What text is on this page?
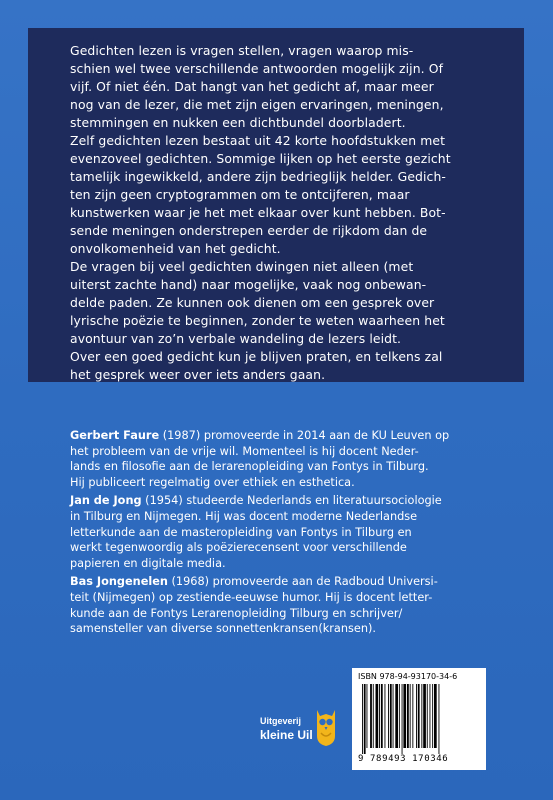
Gedichten lezen is vragen stellen, vragen waarop mis-

schien wel twee verschillende antwoorden mogelijk zijn. Of

vijf. Of niet één. Dat hangt van het gedicht af, maar meer

nog van de lezer, die met zijn eigen ervaringen, meningen,

stemmingen en nukken een dichtbundel doorbladert.

Zelf gedichten lezen bestaat uit 42 korte hoofdstukken met

evenzoveel gedichten. Sommige lijken op het eerste gezicht

tamelijk ingewikkeld, andere zijn bedrieglijk helder. Gedich-

ten zijn geen cryptogrammen om te ontcijferen, maar

kunstwerken waar je het met elkaar over kunt hebben. Bot-

sende meningen onderstrepen eerder de rijkdom dan de

onvolkomenheid van het gedicht.

De vragen bij veel gedichten dwingen niet alleen (met

uiterst zachte hand) naar mogelijke, vaak nog onbewan-

delde paden. Ze kunnen ook dienen om een gesprek over

lyrische poëzie te beginnen, zonder te weten waarheen het

avontuur van zo’n verbale wandeling de lezers leidt.

Over een goed gedicht kun je blijven praten, en telkens zal

het gesprek weer over iets anders gaan.

Gerbert Faure (1987) promoveerde in 2014 aan de KU Leuven op
het probleem van de vrije wil. Momenteel is hij docent Neder-
lands en filosofie aan de lerarenopleiding van Fontys in Tilburg.
Hij publiceert regelmatig over ethiek en esthetica.

Jan de Jong (1954) studeerde Nederlands en literatuursociologie
in Tilburg en Nijmegen. Hij was docent moderne Nederlandse
letterkunde aan de masteropleiding van Fontys in Tilburg en
werkt tegenwoordig als poëzierecensent voor verschillende
papieren en digitale media.

Bas Jongenelen (1968) promoveerde aan de Radboud Universi-
teit (Nijmegen) op zestiende-eeuwse humor. Hij is docent letter-
kunde aan de Fontys Lerarenopleiding Tilburg en schrijver/
samensteller van diverse sonnettenkransen(kransen).

Uitgeverij
kleine Uil
ISBN 978-94-93170-34-6
9 789493 170346
